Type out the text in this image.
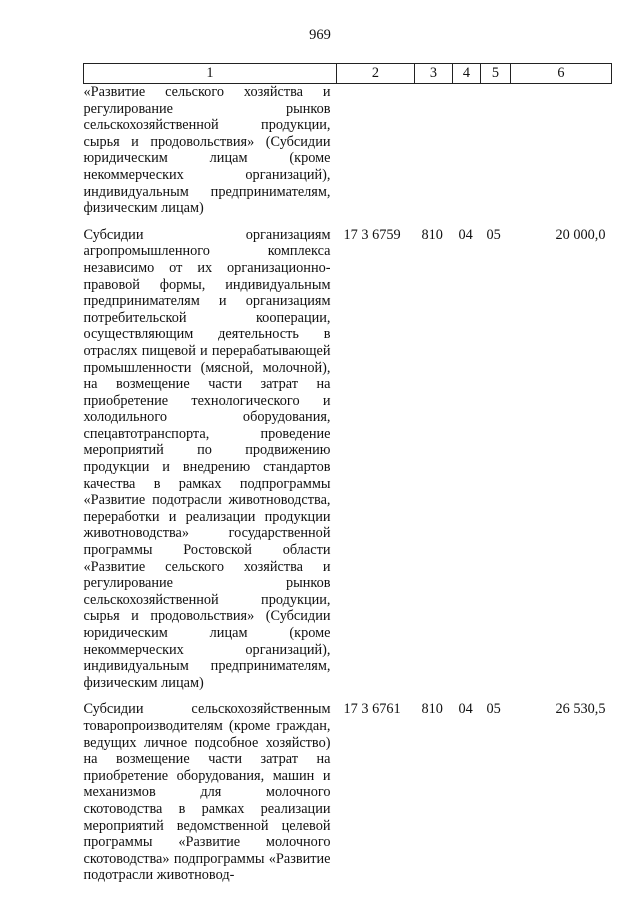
969
1	2	3	4	5	6
«Развитие сельского хозяйства и регулирование рынков сельскохозяйственной продукции, сырья и продовольствия» (Субсидии юридическим лицам (кроме некоммерческих организаций), индивидуальным предпринимателям, физическим лицам)					

Субсидии организациям агропромышленного комплекса независимо от их организационно-правовой формы, индивидуальным предпринимателям и организациям потребительской кооперации, осуществляющим деятельность в отраслях пищевой и перерабатывающей промышленности (мясной, молочной), на возмещение части затрат на приобретение технологического и холодильного оборудования, спецавтотранспорта, проведение мероприятий по продвижению продукции и внедрению стандартов качества в рамках подпрограммы «Развитие подотрасли животноводства, переработки и реализации продукции животноводства» государственной программы Ростовской области «Развитие сельского хозяйства и регулирование рынков сельскохозяйственной продукции, сырья и продовольствия» (Субсидии юридическим лицам (кроме некоммерческих организаций), индивидуальным предпринимателям, физическим лицам)	17 3 6759	810	04	05	20 000,0

Субсидии сельскохозяйственным товаропроизводителям (кроме граждан, ведущих личное подсобное хозяйство) на возмещение части затрат на приобретение оборудования, машин и механизмов для молочного скотоводства в рамках реализации мероприятий ведомственной целевой программы «Развитие молочного скотоводства» подпрограммы «Развитие подотрасли животновод-	17 3 6761	810	04	05	26 530,5
